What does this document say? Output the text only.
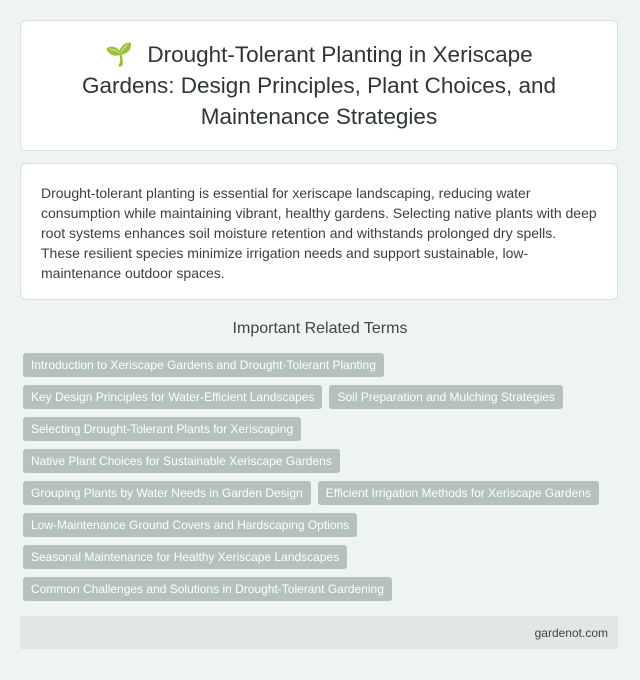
🌱 Drought-Tolerant Planting in Xeriscape Gardens: Design Principles, Plant Choices, and Maintenance Strategies

Drought-tolerant planting is essential for xeriscape landscaping, reducing water consumption while maintaining vibrant, healthy gardens. Selecting native plants with deep root systems enhances soil moisture retention and withstands prolonged dry spells. These resilient species minimize irrigation needs and support sustainable, low-maintenance outdoor spaces.

Important Related Terms
Introduction to Xeriscape Gardens and Drought-Tolerant Planting
Key Design Principles for Water-Efficient Landscapes	Soil Preparation and Mulching Strategies
Selecting Drought-Tolerant Plants for Xeriscaping
Native Plant Choices for Sustainable Xeriscape Gardens
Grouping Plants by Water Needs in Garden Design	Efficient Irrigation Methods for Xeriscape Gardens
Low-Maintenance Ground Covers and Hardscaping Options
Seasonal Maintenance for Healthy Xeriscape Landscapes
Common Challenges and Solutions in Drought-Tolerant Gardening
gardenot.com
